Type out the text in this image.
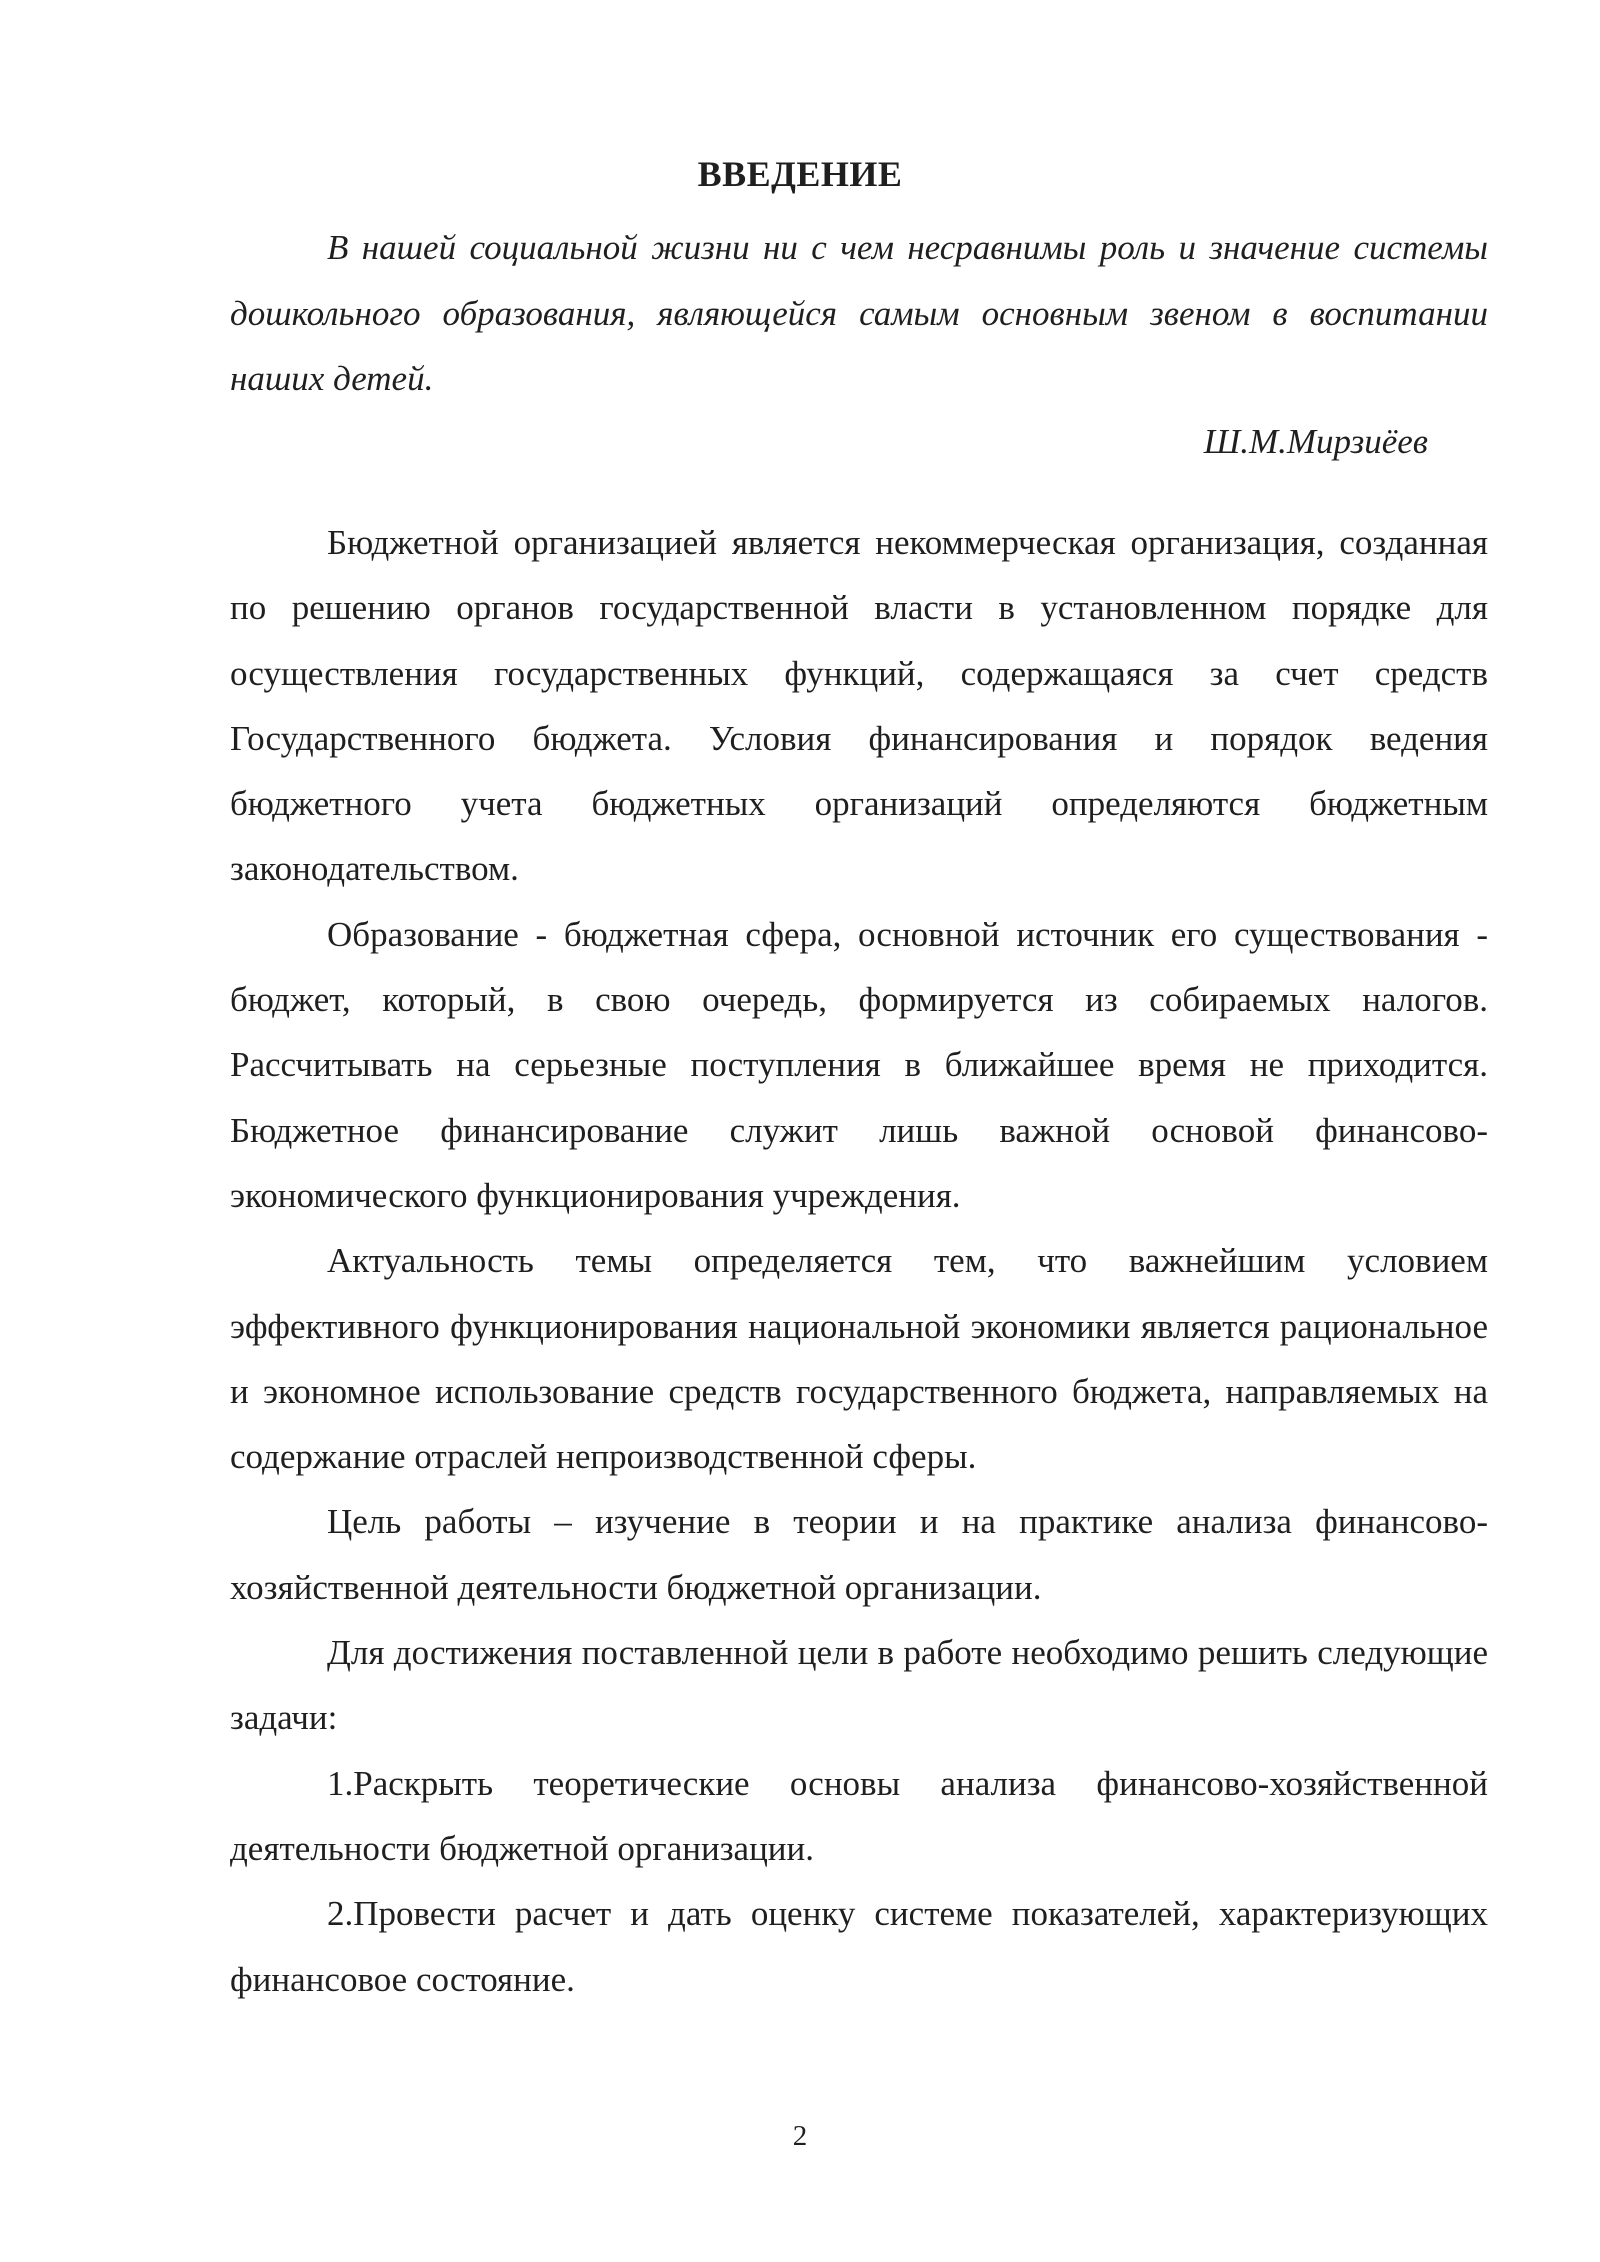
ВВЕДЕНИЕ
В нашей социальной жизни ни с чем несравнимы роль и значение системы дошкольного образования, являющейся самым основным звеном в воспитании наших детей.
Ш.М.Мирзиёев

Бюджетной организацией является некоммерческая организация, созданная по решению органов государственной власти в установленном порядке для осуществления государственных функций, содержащаяся за счет средств Государственного бюджета. Условия финансирования и порядок ведения бюджетного учета бюджетных организаций определяются бюджетным законодательством.

Образование - бюджетная сфера, основной источник его существования - бюджет, который, в свою очередь, формируется из собираемых налогов. Рассчитывать на серьезные поступления в ближайшее время не приходится. Бюджетное финансирование служит лишь важной основой финансово-экономического функционирования учреждения.

Актуальность темы определяется тем, что важнейшим условием эффективного функционирования национальной экономики является рациональное и экономное использование средств государственного бюджета, направляемых на содержание отраслей непроизводственной сферы.

Цель работы – изучение в теории и на практике анализа финансово-хозяйственной деятельности бюджетной организации.

Для достижения поставленной цели в работе необходимо решить следующие задачи:

1.Раскрыть теоретические основы анализа финансово-хозяйственной деятельности бюджетной организации.

2.Провести расчет и дать оценку системе показателей, характеризующих финансовое состояние.

2
